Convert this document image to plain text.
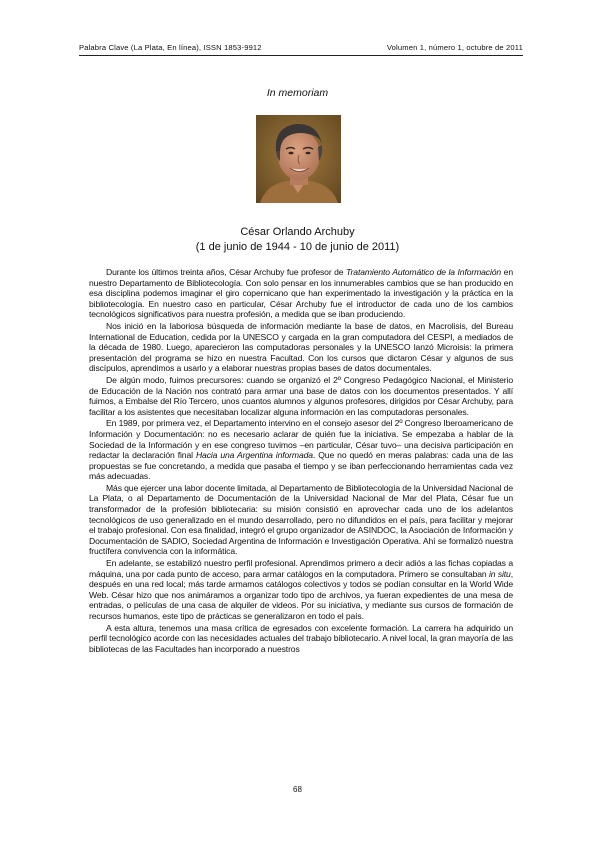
Palabra Clave (La Plata, En línea), ISSN 1853-9912	Volumen 1, número 1, octubre de 2011
In memoriam
César Orlando Archuby
(1 de junio de 1944 - 10 de junio de 2011)

Durante los últimos treinta años, César Archuby fue profesor de Tratamiento Automático de la Información en nuestro Departamento de Bibliotecología. Con solo pensar en los innumerables cambios que se han producido en esa disciplina podemos imaginar el giro copernicano que han experimentado la investigación y la práctica en la bibliotecología. En nuestro caso en particular, César Archuby fue el introductor de cada uno de los cambios tecnológicos significativos para nuestra profesión, a medida que se iban produciendo.

Nos inició en la laboriosa búsqueda de información mediante la base de datos, en Macrolisis, del Bureau International de Education, cedida por la UNESCO y cargada en la gran computadora del CESPI, a mediados de la década de 1980. Luego, aparecieron las computadoras personales y la UNESCO lanzó Microisis: la primera presentación del programa se hizo en nuestra Facultad. Con los cursos que dictaron César y algunos de sus discípulos, aprendimos a usarlo y a elaborar nuestras propias bases de datos documentales.

De algún modo, fuimos precursores: cuando se organizó el 2º Congreso Pedagógico Nacional, el Ministerio de Educación de la Nación nos contrató para armar una base de datos con los documentos presentados. Y allí fuimos, a Embalse del Río Tercero, unos cuantos alumnos y algunos profesores, dirigidos por César Archuby, para facilitar a los asistentes que necesitaban localizar alguna información en las computadoras personales.

En 1989, por primera vez, el Departamento intervino en el consejo asesor del 2º Congreso Iberoamericano de Información y Documentación: no es necesario aclarar de quién fue la iniciativa. Se empezaba a hablar de la Sociedad de la Información y en ese congreso tuvimos –en particular, César tuvo– una decisiva participación en redactar la declaración final Hacia una Argentina informada. Que no quedó en meras palabras: cada una de las propuestas se fue concretando, a medida que pasaba el tiempo y se iban perfeccionando herramientas cada vez más adecuadas.

Más que ejercer una labor docente limitada, al Departamento de Bibliotecología de la Universidad Nacional de La Plata, o al Departamento de Documentación de la Universidad Nacional de Mar del Plata, César fue un transformador de la profesión bibliotecaria: su misión consistió en aprovechar cada uno de los adelantos tecnológicos de uso generalizado en el mundo desarrollado, pero no difundidos en el país, para facilitar y mejorar el trabajo profesional. Con esa finalidad, integró el grupo organizador de ASINDOC, la Asociación de Información y Documentación de SADIO, Sociedad Argentina de Información e Investigación Operativa. Ahí se formalizó nuestra fructífera convivencia con la informática.

En adelante, se estabilizó nuestro perfil profesional. Aprendimos primero a decir adiós a las fichas copiadas a máquina, una por cada punto de acceso, para armar catálogos en la computadora. Primero se consultaban in situ, después en una red local; más tarde armamos catálogos colectivos y todos se podían consultar en la World Wide Web. César hizo que nos animáramos a organizar todo tipo de archivos, ya fueran expedientes de una mesa de entradas, o películas de una casa de alquiler de videos. Por su iniciativa, y mediante sus cursos de formación de recursos humanos, este tipo de prácticas se generalizaron en todo el país.

A esta altura, tenemos una masa crítica de egresados con excelente formación. La carrera ha adquirido un perfil tecnológico acorde con las necesidades actuales del trabajo bibliotecario. A nivel local, la gran mayoría de las bibliotecas de las Facultades han incorporado a nuestros

68
